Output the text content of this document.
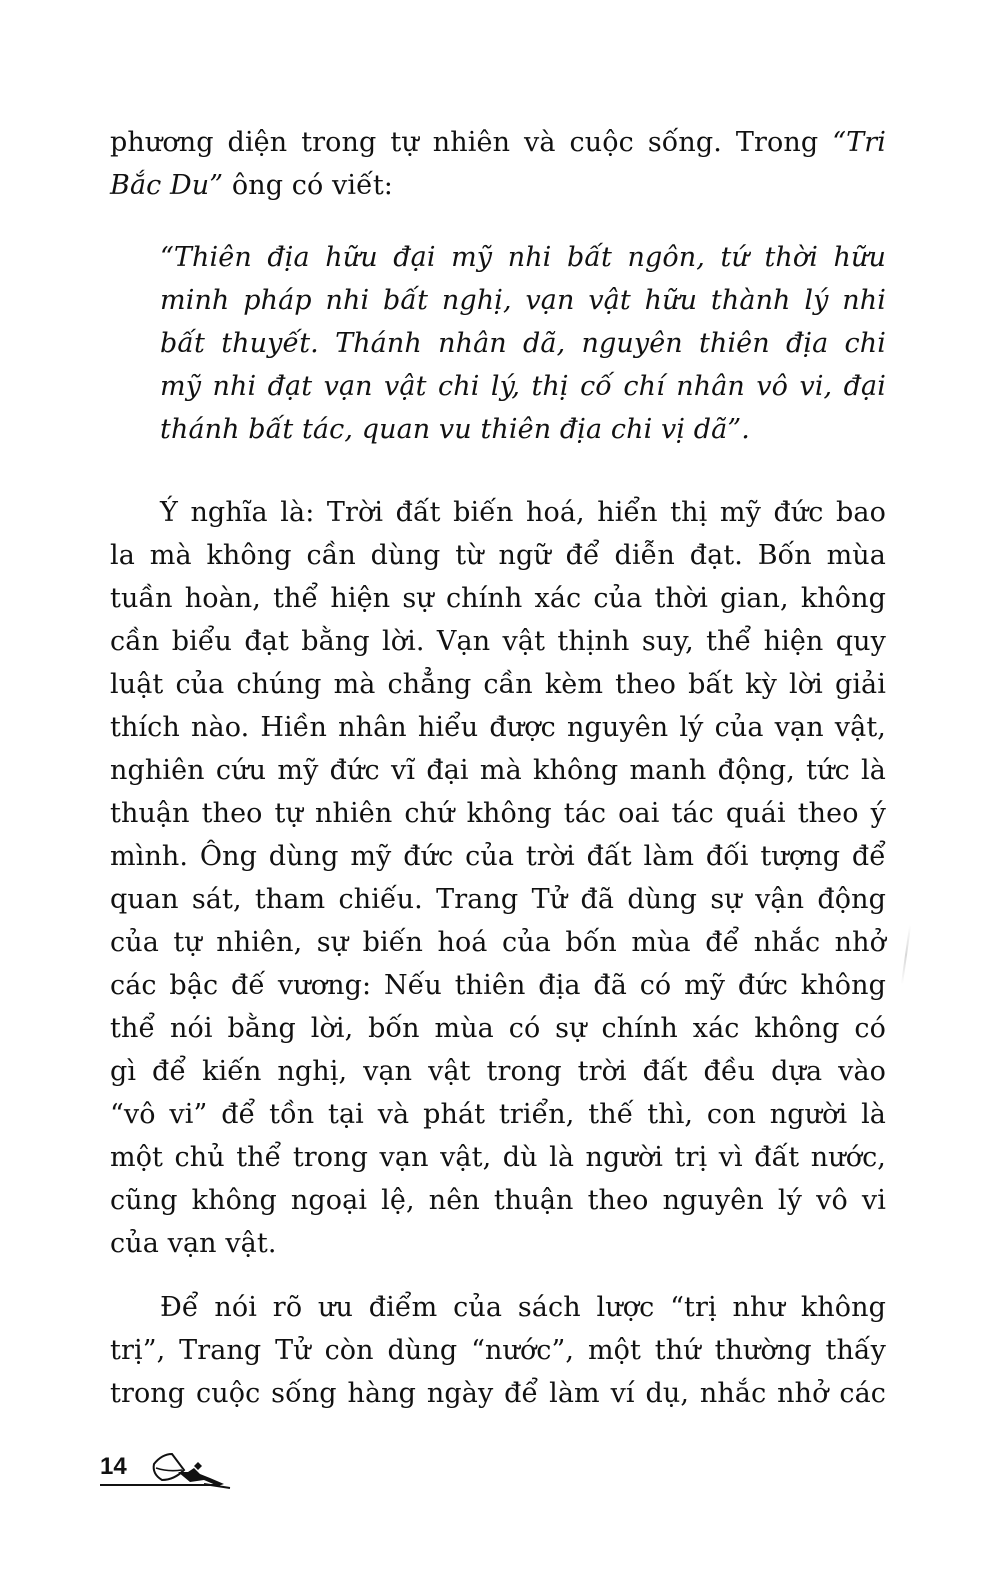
phương diện trong tự nhiên và cuộc sống. Trong “Tri
Bắc Du” ông có viết:
“Thiên địa hữu đại mỹ nhi bất ngôn, tứ thời hữu
minh pháp nhi bất nghị, vạn vật hữu thành lý nhi
bất thuyết. Thánh nhân dã, nguyên thiên địa chi
mỹ nhi đạt vạn vật chi lý, thị cố chí nhân vô vi, đại
thánh bất tác, quan vu thiên địa chi vị dã”.
Ý nghĩa là: Trời đất biến hoá, hiển thị mỹ đức bao
la mà không cần dùng từ ngữ để diễn đạt. Bốn mùa
tuần hoàn, thể hiện sự chính xác của thời gian, không
cần biểu đạt bằng lời. Vạn vật thịnh suy, thể hiện quy
luật của chúng mà chẳng cần kèm theo bất kỳ lời giải
thích nào. Hiền nhân hiểu được nguyên lý của vạn vật,
nghiên cứu mỹ đức vĩ đại mà không manh động, tức là
thuận theo tự nhiên chứ không tác oai tác quái theo ý
mình. Ông dùng mỹ đức của trời đất làm đối tượng để
quan sát, tham chiếu. Trang Tử đã dùng sự vận động
của tự nhiên, sự biến hoá của bốn mùa để nhắc nhở
các bậc đế vương: Nếu thiên địa đã có mỹ đức không
thể nói bằng lời, bốn mùa có sự chính xác không có
gì để kiến nghị, vạn vật trong trời đất đều dựa vào
“vô vi” để tồn tại và phát triển, thế thì, con người là
một chủ thể trong vạn vật, dù là người trị vì đất nước,
cũng không ngoại lệ, nên thuận theo nguyên lý vô vi
của vạn vật.
Để nói rõ ưu điểm của sách lược “trị như không
trị”, Trang Tử còn dùng “nước”, một thứ thường thấy
trong cuộc sống hàng ngày để làm ví dụ, nhắc nhở các
14
